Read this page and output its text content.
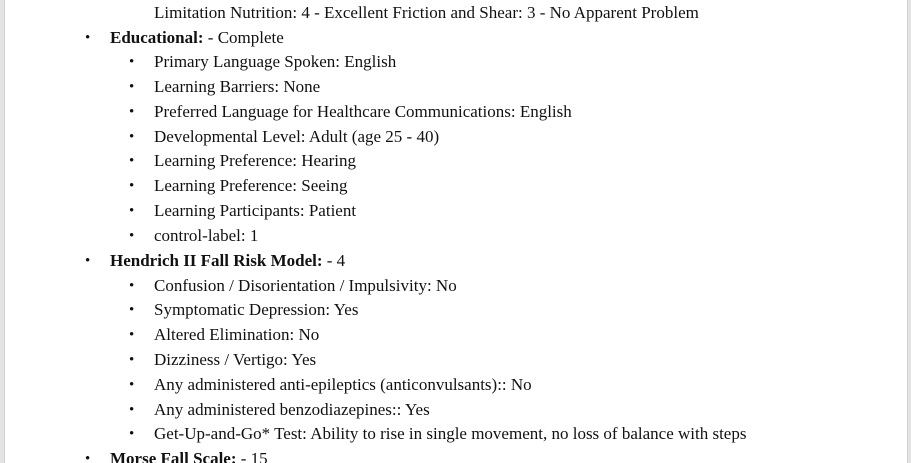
Limitation Nutrition: 4 - Excellent Friction and Shear: 3 - No Apparent Problem
• Educational: - Complete
• Primary Language Spoken: English
• Learning Barriers: None
• Preferred Language for Healthcare Communications: English
• Developmental Level: Adult (age 25 - 40)
• Learning Preference: Hearing
• Learning Preference: Seeing
• Learning Participants: Patient
• control-label: 1
• Hendrich II Fall Risk Model: - 4
• Confusion / Disorientation / Impulsivity: No
• Symptomatic Depression: Yes
• Altered Elimination: No
• Dizziness / Vertigo: Yes
• Any administered anti-epileptics (anticonvulsants):: No
• Any administered benzodiazepines:: Yes
• Get-Up-and-Go* Test: Ability to rise in single movement, no loss of balance with steps
• Morse Fall Scale: - 15
